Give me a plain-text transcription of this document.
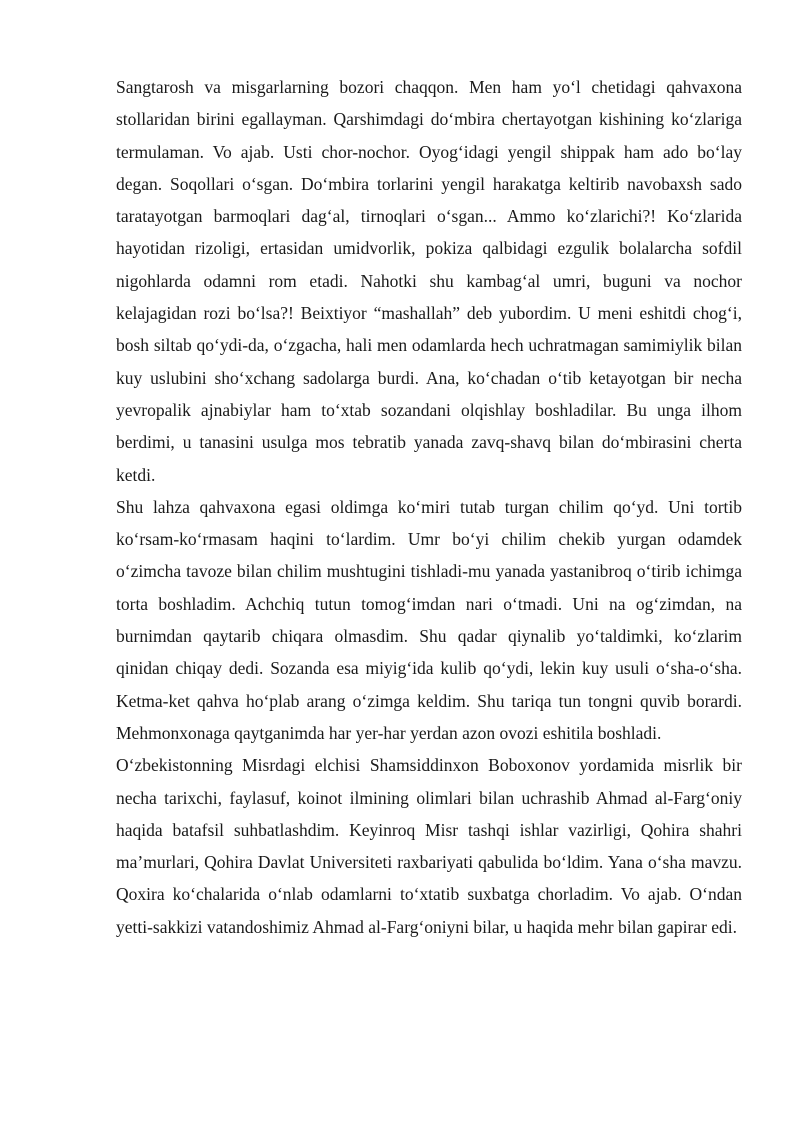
Sangtarosh va misgarlarning bozori chaqqon. Men ham yo‘l chetidagi qahvaxona stollaridan birini egallayman. Qarshimdagi do‘mbira chertayotgan kishining ko‘zlariga termulaman. Vo ajab. Usti chor-nochor. Oyog‘idagi yengil shippak ham ado bo‘lay degan. Soqollari o‘sgan. Do‘mbira torlarini yengil harakatga keltirib navobaxsh sado taratayotgan barmoqlari dag‘al, tirnoqlari o‘sgan... Ammo ko‘zlarichi?! Ko‘zlarida hayotidan rizoligi, ertasidan umidvorlik, pokiza qalbidagi ezgulik bolalarcha sofdil nigohlarda odamni rom etadi. Nahotki shu kambag‘al umri, buguni va nochor kelajagidan rozi bo‘lsa?! Beixtiyor “mashallah” deb yubordim. U meni eshitdi chog‘i, bosh siltab qo‘ydi-da, o‘zgacha, hali men odamlarda hech uchratmagan samimiylik bilan kuy uslubini sho‘xchang sadolarga burdi. Ana, ko‘chadan o‘tib ketayotgan bir necha yevropalik ajnabiylar ham to‘xtab sozandani olqishlay boshladilar. Bu unga ilhom berdimi, u tanasini usulga mos tebratib yanada zavq-shavq bilan do‘mbirasini cherta ketdi.

Shu lahza qahvaxona egasi oldimga ko‘miri tutab turgan chilim qo‘yd. Uni tortib ko‘rsam-ko‘rmasam haqini to‘lardim. Umr bo‘yi chilim chekib yurgan odamdek o‘zimcha tavoze bilan chilim mushtugini tishladi-mu yanada yastanibroq o‘tirib ichimga torta boshladim. Achchiq tutun tomog‘imdan nari o‘tmadi. Uni na og‘zimdan, na burnimdan qaytarib chiqara olmasdim. Shu qadar qiynalib yo‘taldimki, ko‘zlarim qinidan chiqay dedi. Sozanda esa miyig‘ida kulib qo‘ydi, lekin kuy usuli o‘sha-o‘sha. Ketma-ket qahva ho‘plab arang o‘zimga keldim. Shu tariqa tun tongni quvib borardi. Mehmonxonaga qaytganimda har yer-har yerdan azon ovozi eshitila boshladi.

O‘zbekistonning Misrdagi elchisi Shamsiddinxon Boboxonov yordamida misrlik bir necha tarixchi, faylasuf, koinot ilmining olimlari bilan uchrashib Ahmad al-Farg‘oniy haqida batafsil suhbatlashdim. Keyinroq Misr tashqi ishlar vazirligi, Qohira shahri ma’murlari, Qohira Davlat Universiteti raxbariyati qabulida bo‘ldim. Yana o‘sha mavzu. Qoxira ko‘chalarida o‘nlab odamlarni to‘xtatib suxbatga chorladim. Vo ajab. O‘ndan yetti-sakkizi vatandoshimiz Ahmad al-Farg‘oniyni bilar, u haqida mehr bilan gapirar edi.
